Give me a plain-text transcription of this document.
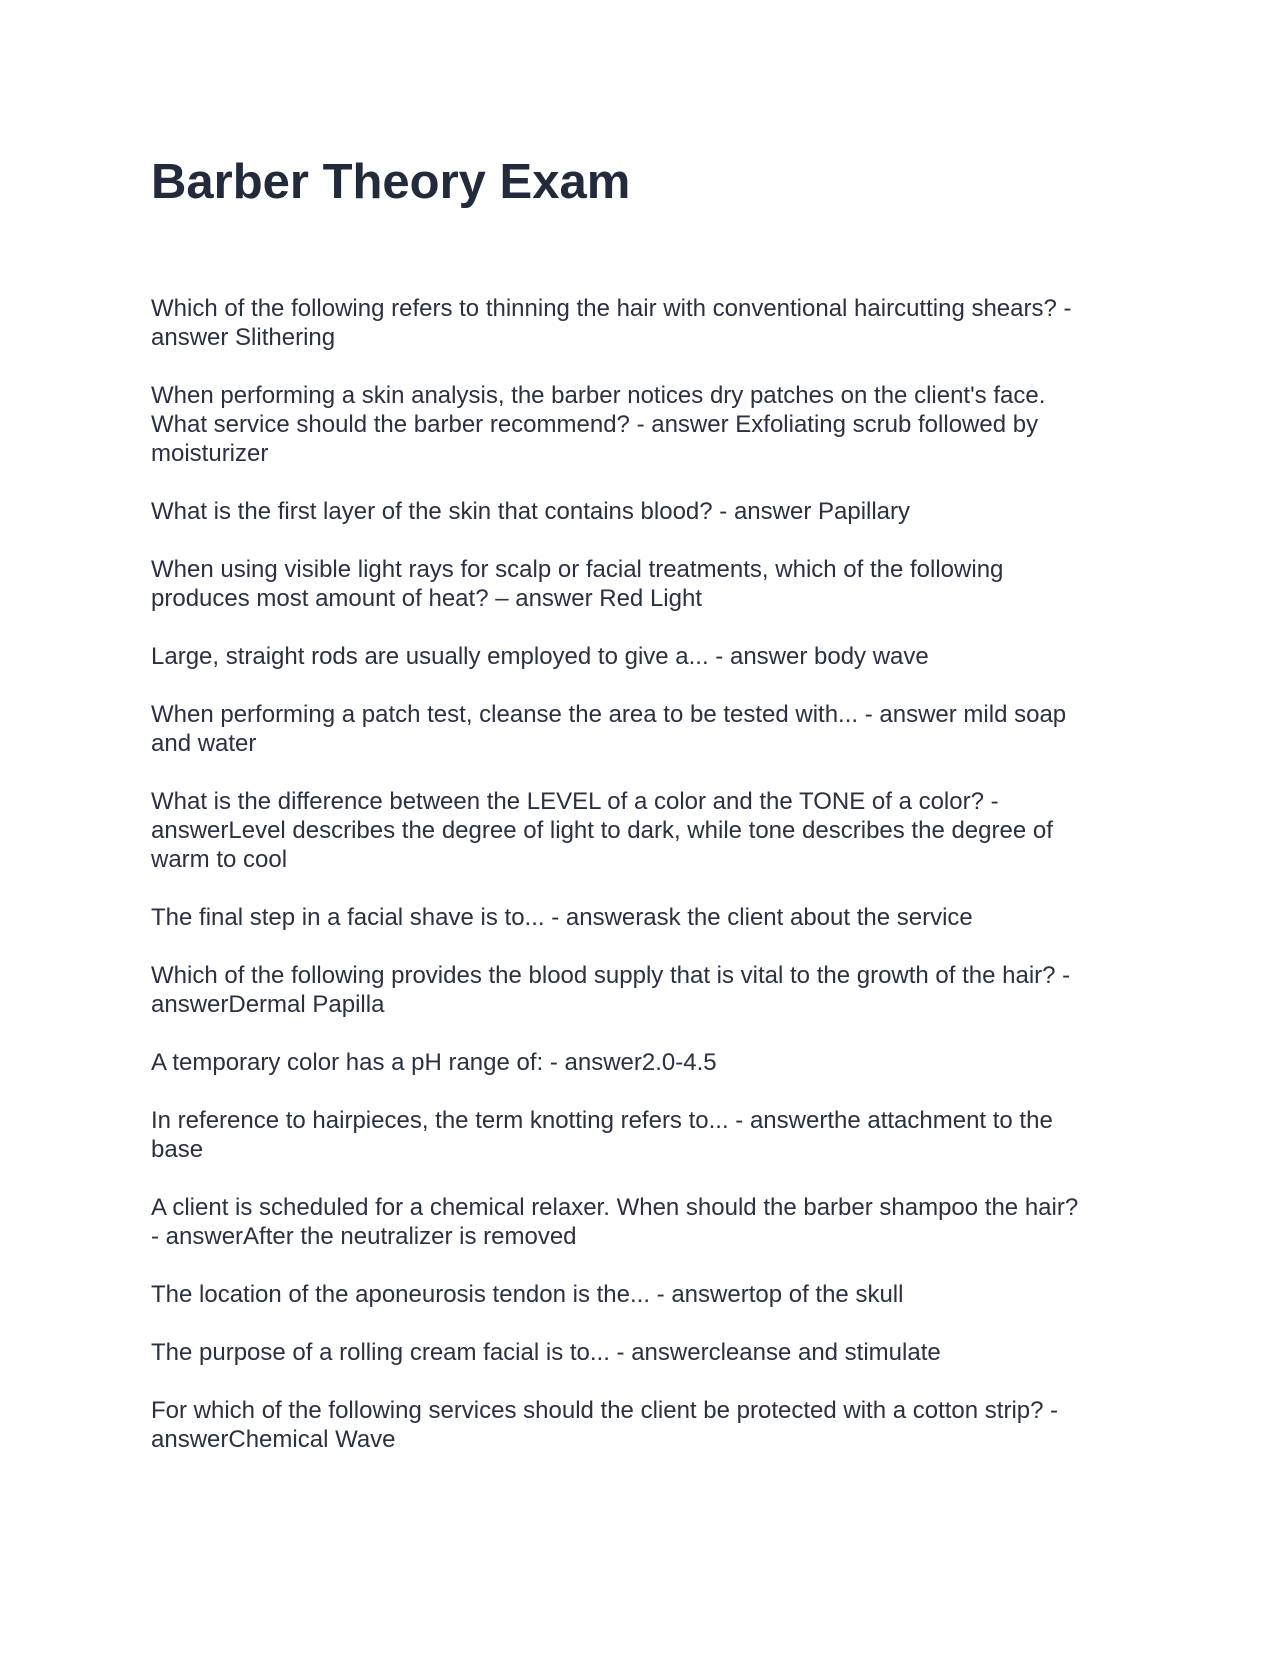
Barber Theory Exam
Which of the following refers to thinning the hair with conventional haircutting shears? -
answer Slithering
When performing a skin analysis, the barber notices dry patches on the client's face.
What service should the barber recommend? - answer Exfoliating scrub followed by
moisturizer
What is the first layer of the skin that contains blood? - answer Papillary
When using visible light rays for scalp or facial treatments, which of the following
produces most amount of heat? – answer Red Light
Large, straight rods are usually employed to give a... - answer body wave
When performing a patch test, cleanse the area to be tested with... - answer mild soap
and water
What is the difference between the LEVEL of a color and the TONE of a color? -
answerLevel describes the degree of light to dark, while tone describes the degree of
warm to cool
The final step in a facial shave is to... - answerask the client about the service
Which of the following provides the blood supply that is vital to the growth of the hair? -
answerDermal Papilla
A temporary color has a pH range of: - answer2.0-4.5
In reference to hairpieces, the term knotting refers to... - answerthe attachment to the
base
A client is scheduled for a chemical relaxer. When should the barber shampoo the hair?
- answerAfter the neutralizer is removed
The location of the aponeurosis tendon is the... - answertop of the skull
The purpose of a rolling cream facial is to... - answercleanse and stimulate
For which of the following services should the client be protected with a cotton strip? -
answerChemical Wave
